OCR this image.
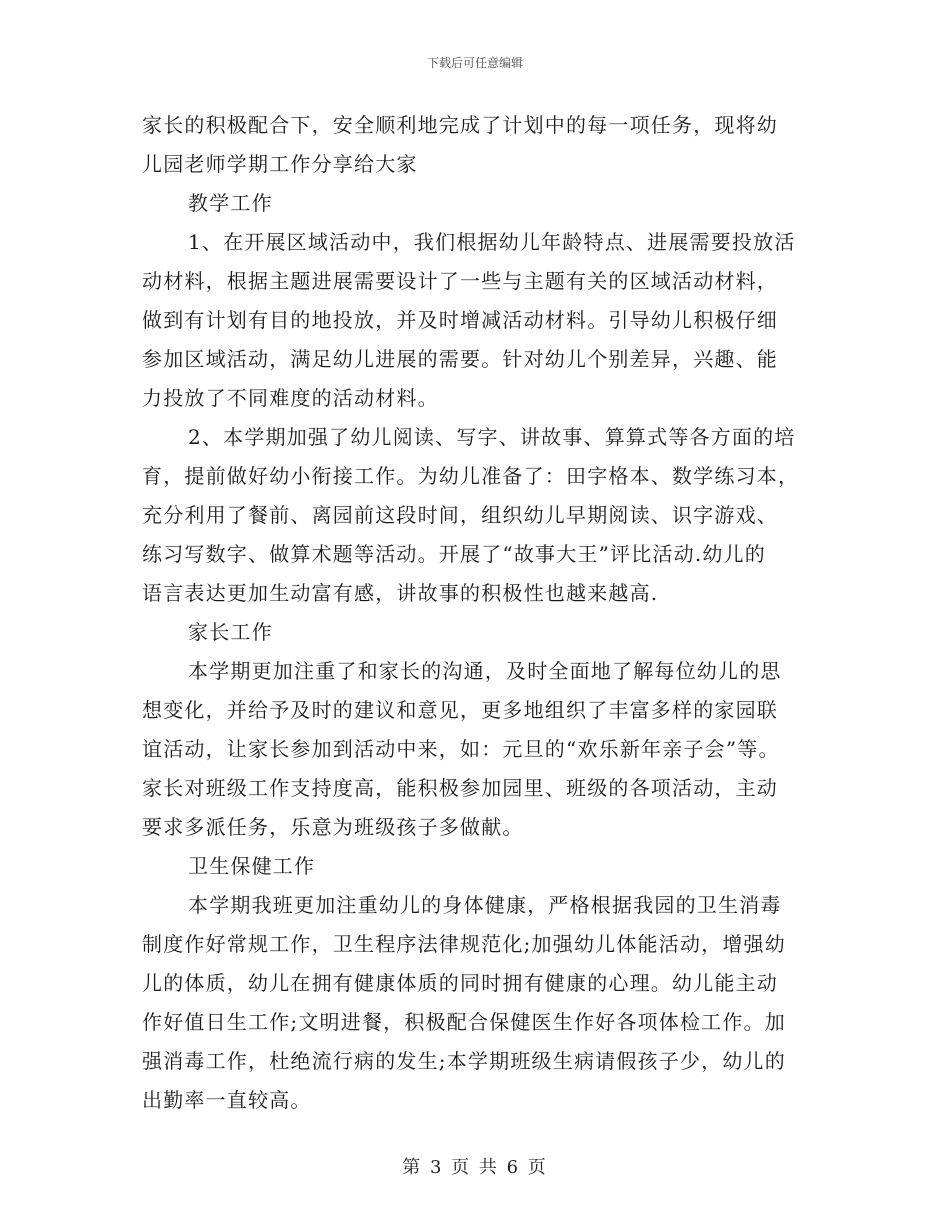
下载后可任意编辑
家长的积极配合下，安全顺利地完成了计划中的每一项任务，现将幼
儿园老师学期工作分享给大家
教学工作
1、在开展区域活动中，我们根据幼儿年龄特点、进展需要投放活
动材料，根据主题进展需要设计了一些与主题有关的区域活动材料，
做到有计划有目的地投放，并及时增减活动材料。引导幼儿积极仔细
参加区域活动，满足幼儿进展的需要。针对幼儿个别差异，兴趣、能
力投放了不同难度的活动材料。
2、本学期加强了幼儿阅读、写字、讲故事、算算式等各方面的培
育，提前做好幼小衔接工作。为幼儿准备了：田字格本、数学练习本，
充分利用了餐前、离园前这段时间，组织幼儿早期阅读、识字游戏、
练习写数字、做算术题等活动。开展了“故事大王”评比活动.幼儿的
语言表达更加生动富有感，讲故事的积极性也越来越高.
家长工作
本学期更加注重了和家长的沟通，及时全面地了解每位幼儿的思
想变化，并给予及时的建议和意见，更多地组织了丰富多样的家园联
谊活动，让家长参加到活动中来，如：元旦的“欢乐新年亲子会”等。
家长对班级工作支持度高，能积极参加园里、班级的各项活动，主动
要求多派任务，乐意为班级孩子多做献。
卫生保健工作
本学期我班更加注重幼儿的身体健康，严格根据我园的卫生消毒
制度作好常规工作，卫生程序法律规范化;加强幼儿体能活动，增强幼
儿的体质，幼儿在拥有健康体质的同时拥有健康的心理。幼儿能主动
作好值日生工作;文明进餐，积极配合保健医生作好各项体检工作。加
强消毒工作，杜绝流行病的发生;本学期班级生病请假孩子少，幼儿的
出勤率一直较高。
第 3 页 共 6 页
